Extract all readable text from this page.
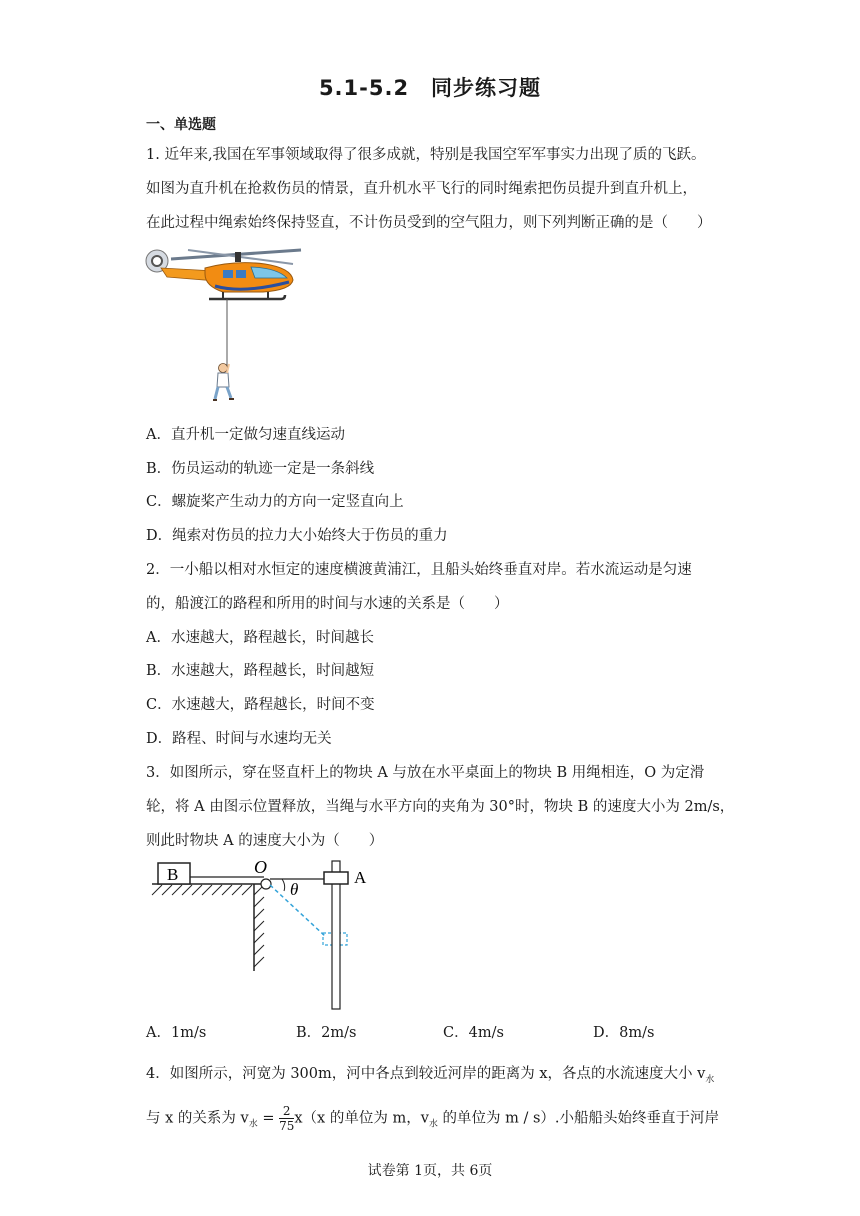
5.1-5.2　同步练习题
一、单选题
1. 近年来,我国在军事领域取得了很多成就，特别是我国空军军事实力出现了质的飞跃。
如图为直升机在抢救伤员的情景，直升机水平飞行的同时绳索把伤员提升到直升机上，
在此过程中绳索始终保持竖直，不计伤员受到的空气阻力，则下列判断正确的是（　　）
A．直升机一定做匀速直线运动
B．伤员运动的轨迹一定是一条斜线
C．螺旋桨产生动力的方向一定竖直向上
D．绳索对伤员的拉力大小始终大于伤员的重力
2．一小船以相对水恒定的速度横渡黄浦江，且船头始终垂直对岸。若水流运动是匀速
的，船渡江的路程和所用的时间与水速的关系是（　　）
A．水速越大，路程越长，时间越长
B．水速越大，路程越长，时间越短
C．水速越大，路程越长，时间不变
D．路程、时间与水速均无关
3．如图所示，穿在竖直杆上的物块 A 与放在水平桌面上的物块 B 用绳相连，O 为定滑
轮，将 A 由图示位置释放，当绳与水平方向的夹角为 30°时，物块 B 的速度大小为 2m/s，
则此时物块 A 的速度大小为（　　）
B	O
θ
A
A．1m/s	B．2m/s	C．4m/s	D．8m/s
4．如图所示，河宽为 300m，河中各点到较近河岸的距离为 x，各点的水流速度大小 $v_水$
与 x 的关系为 $v_水 = \frac{2}{75} x(x$ 的单位为 m，$v_水$ 的单位为 m / s）.小船船头始终垂直于河岸
试卷第 1页，共 6页
